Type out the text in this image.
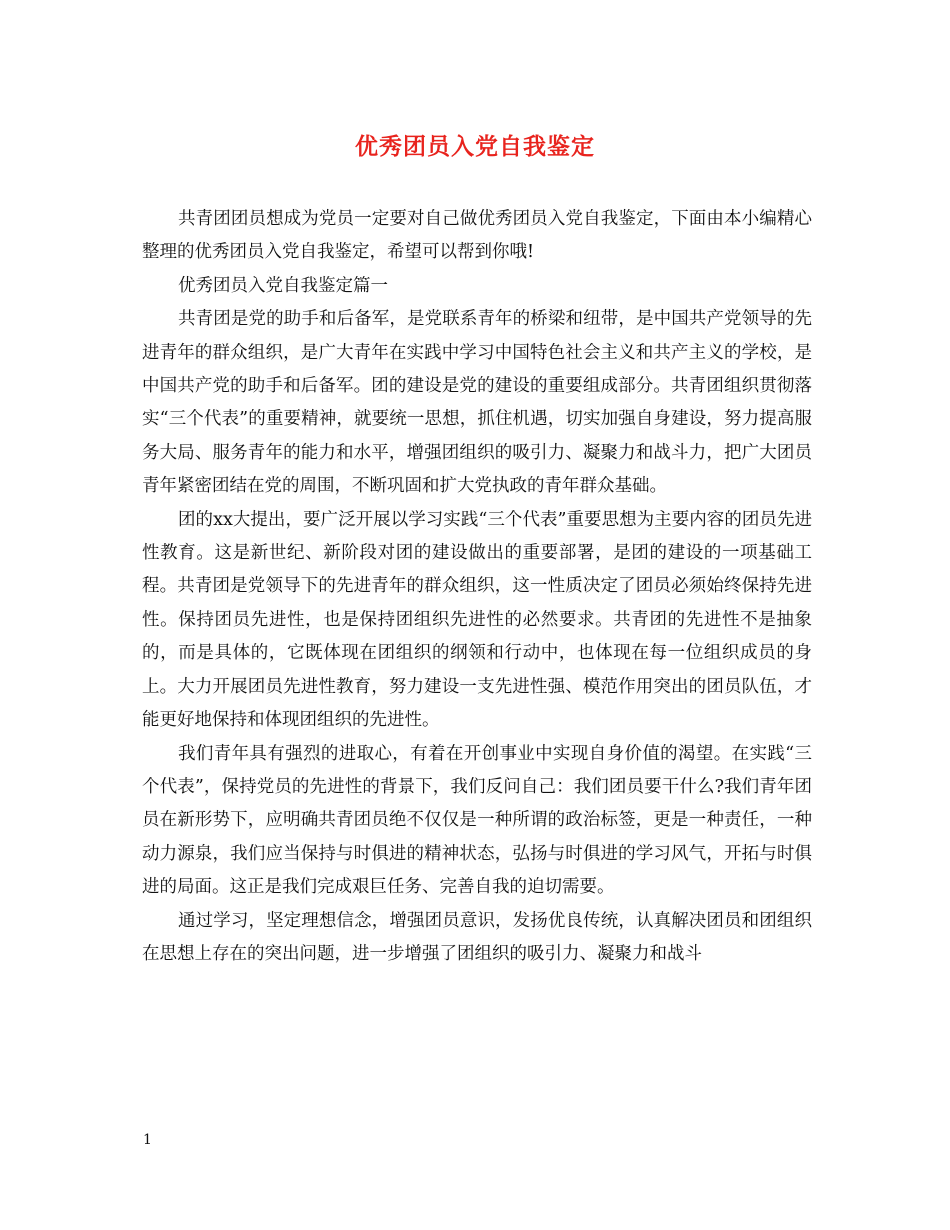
优秀团员入党自我鉴定

共青团团员想成为党员一定要对自己做优秀团员入党自我鉴定，下面由本小编精心整理的优秀团员入党自我鉴定，希望可以帮到你哦!

优秀团员入党自我鉴定篇一

共青团是党的助手和后备军，是党联系青年的桥梁和纽带，是中国共产党领导的先进青年的群众组织，是广大青年在实践中学习中国特色社会主义和共产主义的学校，是中国共产党的助手和后备军。团的建设是党的建设的重要组成部分。共青团组织贯彻落实“三个代表”的重要精神，就要统一思想，抓住机遇，切实加强自身建设，努力提高服务大局、服务青年的能力和水平，增强团组织的吸引力、凝聚力和战斗力，把广大团员青年紧密团结在党的周围，不断巩固和扩大党执政的青年群众基础。

团的xx大提出，要广泛开展以学习实践“三个代表”重要思想为主要内容的团员先进性教育。这是新世纪、新阶段对团的建设做出的重要部署，是团的建设的一项基础工程。共青团是党领导下的先进青年的群众组织，这一性质决定了团员必须始终保持先进性。保持团员先进性，也是保持团组织先进性的必然要求。共青团的先进性不是抽象的，而是具体的，它既体现在团组织的纲领和行动中，也体现在每一位组织成员的身上。大力开展团员先进性教育，努力建设一支先进性强、模范作用突出的团员队伍，才能更好地保持和体现团组织的先进性。

我们青年具有强烈的进取心，有着在开创事业中实现自身价值的渴望。在实践“三个代表”，保持党员的先进性的背景下，我们反问自己：我们团员要干什么?我们青年团员在新形势下，应明确共青团员绝不仅仅是一种所谓的政治标签，更是一种责任，一种动力源泉，我们应当保持与时俱进的精神状态，弘扬与时俱进的学习风气，开拓与时俱进的局面。这正是我们完成艰巨任务、完善自我的迫切需要。

通过学习，坚定理想信念，增强团员意识，发扬优良传统，认真解决团员和团组织在思想上存在的突出问题，进一步增强了团组织的吸引力、凝聚力和战斗

1
